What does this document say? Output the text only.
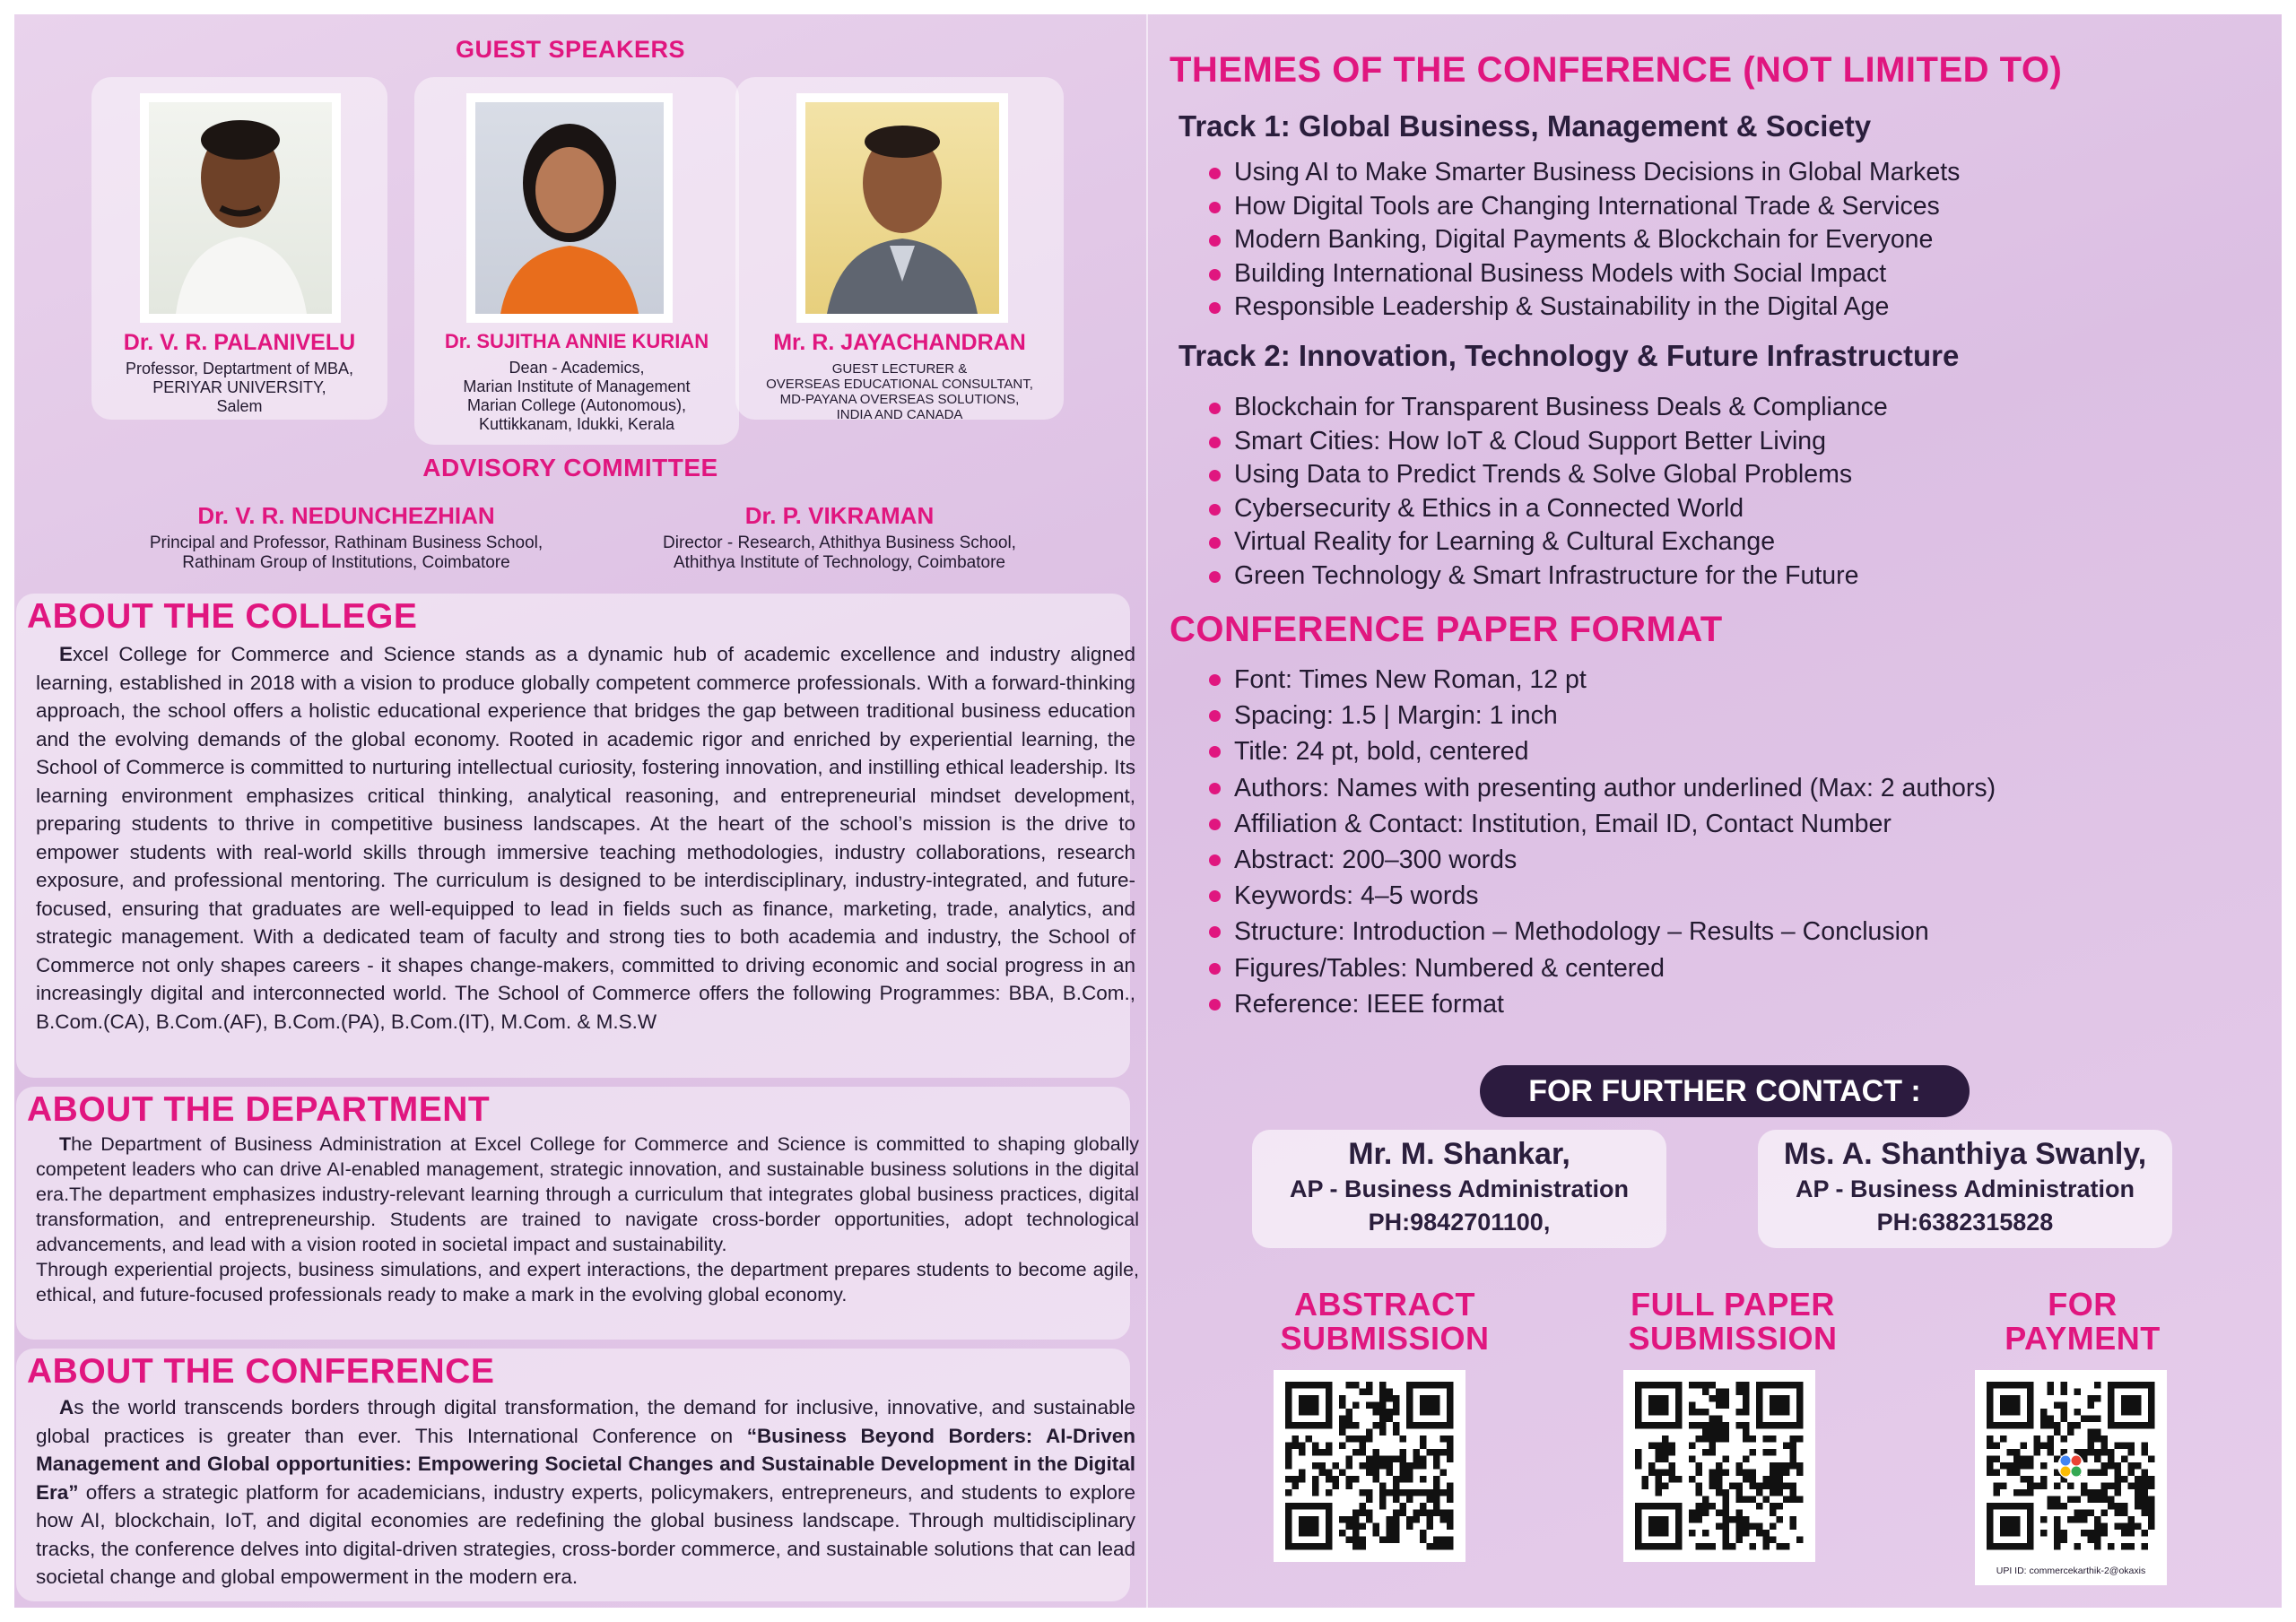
GUEST SPEAKERS
Dr. V. R. PALANIVELU
Professor, Deptartment of MBA,
PERIYAR UNIVERSITY,
Salem
Dr. SUJITHA ANNIE KURIAN
Dean - Academics,
Marian Institute of Management
Marian College (Autonomous),
Kuttikkanam, Idukki, Kerala
Mr. R. JAYACHANDRAN
GUEST LECTURER &
OVERSEAS EDUCATIONAL CONSULTANT,
MD-PAYANA OVERSEAS SOLUTIONS,
INDIA AND CANADA
ADVISORY COMMITTEE
Dr. V. R. NEDUNCHEZHIAN
Principal and Professor, Rathinam Business School,
Rathinam Group of Institutions, Coimbatore
Dr. P. VIKRAMAN
Director - Research, Athithya Business School,
Athithya Institute of Technology, Coimbatore
ABOUT THE COLLEGE
Excel College for Commerce and Science stands as a dynamic hub of academic excellence and industry aligned learning, established in 2018 with a vision to produce globally competent commerce professionals. With a forward-thinking approach, the school offers a holistic educational experience that bridges the gap between traditional business education and the evolving demands of the global economy. Rooted in academic rigor and enriched by experiential learning, the School of Commerce is committed to nurturing intellectual curiosity, fostering innovation, and instilling ethical leadership. Its learning environment emphasizes critical thinking, analytical reasoning, and entrepreneurial mindset development, preparing students to thrive in competitive business landscapes. At the heart of the school’s mission is the drive to empower students with real-world skills through immersive teaching methodologies, industry collaborations, research exposure, and professional mentoring. The curriculum is designed to be interdisciplinary, industry-integrated, and future-focused, ensuring that graduates are well-equipped to lead in fields such as finance, marketing, trade, analytics, and strategic management. With a dedicated team of faculty and strong ties to both academia and industry, the School of Commerce not only shapes careers - it shapes change-makers, committed to driving economic and social progress in an increasingly digital and interconnected world. The School of Commerce offers the following Programmes: BBA, B.Com., B.Com.(CA), B.Com.(AF), B.Com.(PA), B.Com.(IT), M.Com. & M.S.W
ABOUT THE DEPARTMENT
The Department of Business Administration at Excel College for Commerce and Science is committed to shaping globally competent leaders who can drive AI-enabled management, strategic innovation, and sustainable business solutions in the digital era.The department emphasizes industry-relevant learning through a curriculum that integrates global business practices, digital transformation, and entrepreneurship. Students are trained to navigate cross-border opportunities, adopt technological advancements, and lead with a vision rooted in societal impact and sustainability.
Through experiential projects, business simulations, and expert interactions, the department prepares students to become agile, ethical, and future-focused professionals ready to make a mark in the evolving global economy.
ABOUT THE CONFERENCE
As the world transcends borders through digital transformation, the demand for inclusive, innovative, and sustainable global practices is greater than ever. This International Conference on “Business Beyond Borders: AI-Driven Management and Global opportunities: Empowering Societal Changes and Sustainable Development in the Digital Era” offers a strategic platform for academicians, industry experts, policymakers, entrepreneurs, and students to explore how AI, blockchain, IoT, and digital economies are redefining the global business landscape. Through multidisciplinary tracks, the conference delves into digital-driven strategies, cross-border commerce, and sustainable solutions that can lead societal change and global empowerment in the modern era.
THEMES OF THE CONFERENCE (NOT LIMITED TO)
Track 1: Global Business, Management & Society
Using AI to Make Smarter Business Decisions in Global Markets
How Digital Tools are Changing International Trade & Services
Modern Banking, Digital Payments & Blockchain for Everyone
Building International Business Models with Social Impact
Responsible Leadership & Sustainability in the Digital Age
Track 2: Innovation, Technology & Future Infrastructure
Blockchain for Transparent Business Deals & Compliance
Smart Cities: How IoT & Cloud Support Better Living
Using Data to Predict Trends & Solve Global Problems
Cybersecurity & Ethics in a Connected World
Virtual Reality for Learning & Cultural Exchange
Green Technology & Smart Infrastructure for the Future
CONFERENCE PAPER FORMAT
Font: Times New Roman, 12 pt
Spacing: 1.5 | Margin: 1 inch
Title: 24 pt, bold, centered
Authors: Names with presenting author underlined (Max: 2 authors)
Affiliation & Contact: Institution, Email ID, Contact Number
Abstract: 200–300 words
Keywords: 4–5 words
Structure: Introduction – Methodology – Results – Conclusion
Figures/Tables: Numbered & centered
Reference: IEEE format
FOR FURTHER CONTACT :
Mr. M. Shankar,
AP - Business Administration
PH:9842701100,
Ms. A. Shanthiya Swanly,
AP - Business Administration
PH:6382315828
ABSTRACT
SUBMISSION
FULL PAPER
SUBMISSION
FOR
PAYMENT
UPI ID: commercekarthik-2@okaxis
